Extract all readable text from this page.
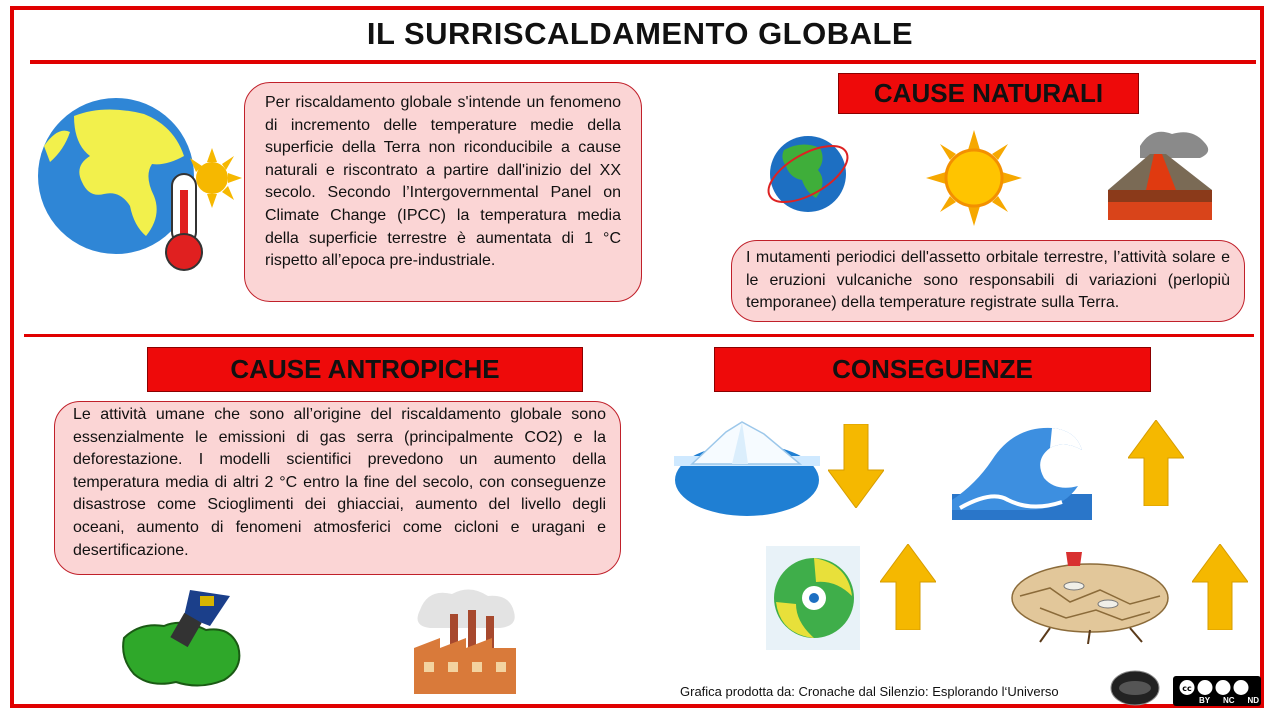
IL SURRISCALDAMENTO GLOBALE

Per riscaldamento globale s'intende un fenomeno di incremento delle temperature medie della superficie della Terra non riconducibile a cause naturali e riscontrato a partire dall'inizio del XX secolo. Secondo l’Intergovernmental Panel on Climate Change (IPCC) la temperatura media della superficie terrestre è aumentata di 1 °C rispetto all’epoca pre-industriale.

CAUSE NATURALI

I mutamenti periodici dell'assetto orbitale terrestre, l’attività solare e le eruzioni vulcaniche sono responsabili di variazioni (perlopiù temporanee) della temperature registrate sulla Terra.

CAUSE ANTROPICHE

Le attività umane che sono all’origine del riscaldamento globale sono essenzialmente le emissioni di gas serra (principalmente CO2) e la deforestazione. I modelli scientifici prevedono un aumento della temperatura media di altri 2 °C entro la fine del secolo, con conseguenze disastrose come Scioglimenti dei ghiacciai, aumento del livello degli oceani, aumento di fenomeni atmosferici come cicloni e uragani e desertificazione.

CONSEGUENZE
Grafica prodotta da: Cronache dal Silenzio: Esplorando l‘Universo	cc
BY NC ND
